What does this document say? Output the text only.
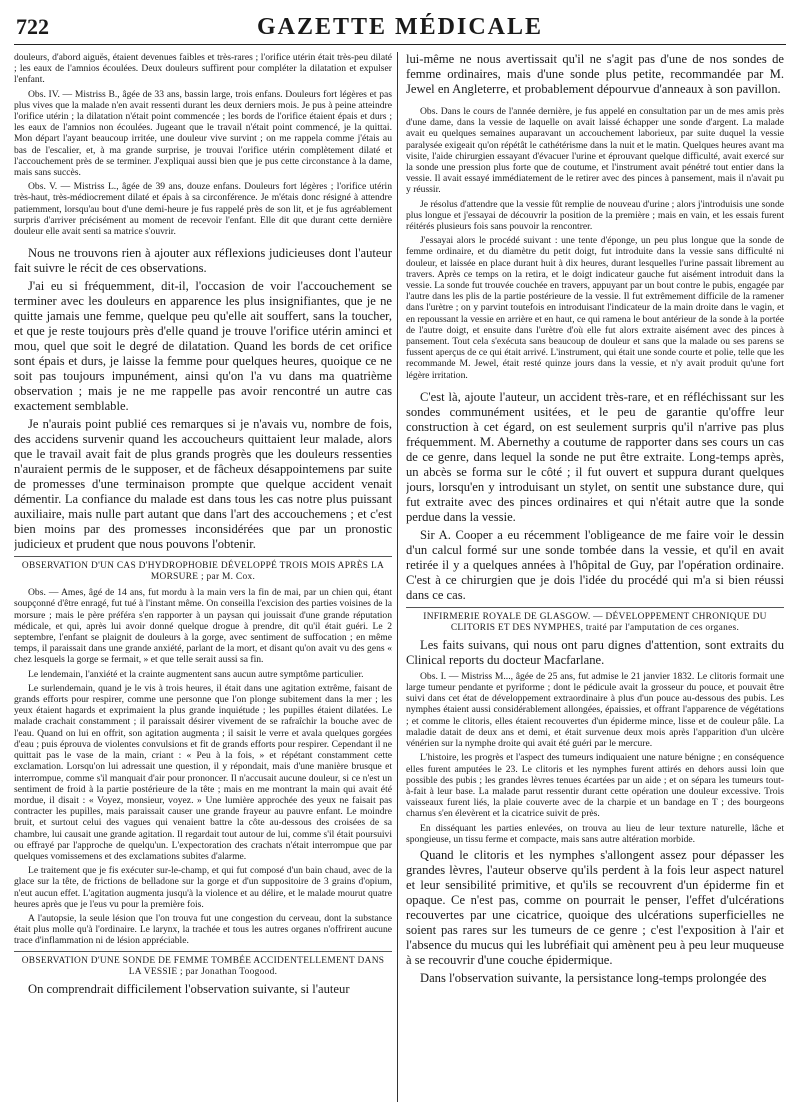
722	GAZETTE MÉDICALE

douleurs, d'abord aiguës, étaient devenues faibles et très-rares ; l'orifice utérin était très-peu dilaté ; les eaux de l'amnios écoulées. Deux douleurs suffirent pour compléter la dilatation et expulser l'enfant.

Obs. IV. — Mistriss B., âgée de 33 ans, bassin large, trois enfans. Douleurs fort légères et pas plus vives que la malade n'en avait ressenti durant les deux derniers mois. Je pus à peine atteindre l'orifice utérin ; la dilatation n'était point commencée ; les bords de l'orifice étaient épais et durs ; les eaux de l'amnios non écoulées. Jugeant que le travail n'était point commencé, je la quittai. Mon départ l'ayant beaucoup irritée, une douleur vive survint ; on me rappela comme j'étais au bas de l'escalier, et, à ma grande surprise, je trouvai l'orifice utérin complètement dilaté et l'accouchement près de se terminer. J'expliquai aussi bien que je pus cette circonstance à la dame, mais sans succès.

Obs. V. — Mistriss L., âgée de 39 ans, douze enfans. Douleurs fort légères ; l'orifice utérin très-haut, très-médiocrement dilaté et épais à sa circonférence. Je m'étais donc résigné à attendre patiemment, lorsqu'au bout d'une demi-heure je fus rappelé près de son lit, et je fus agréablement surpris d'arriver précisément au moment de recevoir l'enfant. Elle dit que durant cette dernière douleur elle avait senti sa matrice s'ouvrir.

Nous ne trouvons rien à ajouter aux réflexions judicieuses dont l'auteur fait suivre le récit de ces observations.

J'ai eu si fréquemment, dit-il, l'occasion de voir l'accouchement se terminer avec les douleurs en apparence les plus insignifiantes, que je ne quitte jamais une femme, quelque peu qu'elle ait souffert, sans la toucher, et que je reste toujours près d'elle quand je trouve l'orifice utérin aminci et mou, quel que soit le degré de dilatation. Quand les bords de cet orifice sont épais et durs, je laisse la femme pour quelques heures, quoique ce ne soit pas toujours impunément, ainsi qu'on l'a vu dans ma quatrième observation ; mais je ne me rappelle pas avoir rencontré un autre cas exactement semblable.

Je n'aurais point publié ces remarques si je n'avais vu, nombre de fois, des accidens survenir quand les accoucheurs quittaient leur malade, alors que le travail avait fait de plus grands progrès que les douleurs ressenties n'auraient permis de le supposer, et de fâcheux désappointemens par suite de promesses d'une terminaison prompte que quelque accident venait démentir. La confiance du malade est dans tous les cas notre plus puissant auxiliaire, mais nulle part autant que dans l'art des accouchemens ; et c'est bien moins par des promesses inconsidérées que par un pronostic judicieux et prudent que nous pouvons l'obtenir.

OBSERVATION D'UN CAS D'HYDROPHOBIE DÉVELOPPÉ TROIS MOIS APRÈS LA MORSURE ; par M. Cox.

Obs. — Ames, âgé de 14 ans, fut mordu à la main vers la fin de mai, par un chien qui, étant soupçonné d'être enragé, fut tué à l'instant même. On conseilla l'excision des parties voisines de la morsure ; mais le père préféra s'en rapporter à un paysan qui jouissait d'une grande réputation médicale, et qui, après lui avoir donné quelque drogue à prendre, dit qu'il était guéri. Le 2 septembre, l'enfant se plaignit de douleurs à la gorge, avec sentiment de suffocation ; en même temps, il paraissait dans une grande anxiété, parlant de la mort, et disant qu'on avait vu des gens « chez lesquels la gorge se fermait, » et que telle serait aussi sa fin.

Le lendemain, l'anxiété et la crainte augmentent sans aucun autre symptôme particulier.

Le surlendemain, quand je le vis à trois heures, il était dans une agitation extrême, faisant de grands efforts pour respirer, comme une personne que l'on plonge subitement dans la mer ; les yeux étaient hagards et exprimaient la plus grande inquiétude ; les pupilles étaient dilatées. Le malade crachait constamment ; il paraissait désirer vivement de se rafraîchir la bouche avec de l'eau. Quand on lui en offrit, son agitation augmenta ; il saisit le verre et avala quelques gorgées d'eau ; puis éprouva de violentes convulsions et fit de grands efforts pour respirer. Cependant il ne quittait pas le vase de la main, criant : « Peu à la fois, » et répétant constamment cette exclamation. Lorsqu'on lui adressait une question, il y répondait, mais d'une manière brusque et interrompue, comme s'il manquait d'air pour prononcer. Il n'accusait aucune douleur, si ce n'est un sentiment de froid à la partie postérieure de la tête ; mais en me montrant la main qui avait été mordue, il disait : « Voyez, monsieur, voyez. » Une lumière approchée des yeux ne faisait pas contracter les pupilles, mais paraissait causer une grande frayeur au pauvre enfant. Le moindre bruit, et surtout celui des vagues qui venaient battre la côte au-dessous des croisées de sa chambre, lui causait une grande agitation. Il regardait tout autour de lui, comme s'il était poursuivi ou effrayé par l'approche de quelqu'un. L'expectoration des crachats n'était interrompue que par quelques vomissemens et des exclamations subites d'alarme.

Le traitement que je fis exécuter sur-le-champ, et qui fut composé d'un bain chaud, avec de la glace sur la tête, de frictions de belladone sur la gorge et d'un suppositoire de 3 grains d'opium, n'eut aucun effet. L'agitation augmenta jusqu'à la violence et au délire, et le malade mourut quatre heures après que je l'eus vu pour la première fois.

A l'autopsie, la seule lésion que l'on trouva fut une congestion du cerveau, dont la substance était plus molle qu'à l'ordinaire. Le larynx, la trachée et tous les autres organes n'offrirent aucune trace d'inflammation ni de lésion appréciable.

OBSERVATION D'UNE SONDE DE FEMME TOMBÉE ACCIDENTELLEMENT DANS LA VESSIE ; par Jonathan Toogood.

On comprendrait difficilement l'observation suivante, si l'auteur

lui-même ne nous avertissait qu'il ne s'agit pas d'une de nos sondes de femme ordinaires, mais d'une sonde plus petite, recommandée par M. Jewel en Angleterre, et probablement dépourvue d'anneaux à son pavillon.

Obs. Dans le cours de l'année dernière, je fus appelé en consultation par un de mes amis près d'une dame, dans la vessie de laquelle on avait laissé échapper une sonde d'argent. La malade avait eu quelques semaines auparavant un accouchement laborieux, par suite duquel la vessie paralysée exigeait qu'on répétât le cathétérisme dans la nuit et le matin. Quelques heures avant ma visite, l'aide chirurgien essayant d'évacuer l'urine et éprouvant quelque difficulté, avait exercé sur la sonde une pression plus forte que de coutume, et l'instrument avait pénétré tout entier dans la vessie. Il avait essayé immédiatement de le retirer avec des pinces à pansement, mais il n'avait pu y réussir.

Je résolus d'attendre que la vessie fût remplie de nouveau d'urine ; alors j'introduisis une sonde plus longue et j'essayai de découvrir la position de la première ; mais en vain, et les essais furent réitérés plusieurs fois sans pouvoir la rencontrer.

J'essayai alors le procédé suivant : une tente d'éponge, un peu plus longue que la sonde de femme ordinaire, et du diamètre du petit doigt, fut introduite dans la vessie sans difficulté ni douleur, et laissée en place durant huit à dix heures, durant lesquelles l'urine passait librement au travers. Après ce temps on la retira, et le doigt indicateur gauche fut aisément introduit dans la vessie. La sonde fut trouvée couchée en travers, appuyant par un bout contre le pubis, engagée par l'autre dans les plis de la partie postérieure de la vessie. Il fut extrêmement difficile de la ramener dans l'urètre ; on y parvint toutefois en introduisant l'indicateur de la main droite dans le vagin, et en repoussant la vessie en arrière et en haut, ce qui ramena le bout antérieur de la sonde à la portée de l'autre doigt, et ensuite dans l'urètre d'où elle fut alors extraite aisément avec des pinces à pansement. Tout cela s'exécuta sans beaucoup de douleur et sans que la malade ou ses parens se fussent aperçus de ce qui était arrivé. L'instrument, qui était une sonde courte et polie, telle que les recommande M. Jewel, était resté quinze jours dans la vessie, et n'y avait produit qu'une fort légère irritation.

C'est là, ajoute l'auteur, un accident très-rare, et en réfléchissant sur les sondes communément usitées, et le peu de garantie qu'offre leur construction à cet égard, on est seulement surpris qu'il n'arrive pas plus fréquemment. M. Abernethy a coutume de rapporter dans ses cours un cas de ce genre, dans lequel la sonde ne put être extraite. Long-temps après, un abcès se forma sur le côté ; il fut ouvert et suppura durant quelques jours, lorsqu'en y introduisant un stylet, on sentit une substance dure, qui fut extraite avec des pinces ordinaires et qui n'était autre que la sonde perdue dans la vessie.

Sir A. Cooper a eu récemment l'obligeance de me faire voir le dessin d'un calcul formé sur une sonde tombée dans la vessie, et qu'il en avait retirée il y a quelques années à l'hôpital de Guy, par l'opération ordinaire. C'est à ce chirurgien que je dois l'idée du procédé qui m'a si bien réussi dans ce cas.

INFIRMERIE ROYALE DE GLASGOW. — DÉVELOPPEMENT CHRONIQUE DU CLITORIS ET DES NYMPHES, traité par l'amputation de ces organes.

Les faits suivans, qui nous ont paru dignes d'attention, sont extraits du Clinical reports du docteur Macfarlane.

Obs. I. — Mistriss M..., âgée de 25 ans, fut admise le 21 janvier 1832. Le clitoris formait une large tumeur pendante et pyriforme ; dont le pédicule avait la grosseur du pouce, et pouvait être suivi dans cet état de développement extraordinaire à plus d'un pouce au-dessous des pubis. Les nymphes étaient aussi considérablement allongées, épaissies, et offrant l'apparence de végétations ; et comme le clitoris, elles étaient recouvertes d'un épiderme mince, lisse et de couleur pâle. La maladie datait de deux ans et demi, et était survenue deux mois après l'apparition d'un ulcère vénérien sur la nymphe droite qui avait été guéri par le mercure.

L'histoire, les progrès et l'aspect des tumeurs indiquaient une nature bénigne ; en conséquence elles furent amputées le 23. Le clitoris et les nymphes furent attirés en dehors aussi loin que possible des pubis ; les grandes lèvres tenues écartées par un aide ; et on sépara les tumeurs tout-à-fait à leur base. La malade parut ressentir durant cette opération une douleur excessive. Trois vaisseaux furent liés, la plaie couverte avec de la charpie et un bandage en T ; des bourgeons charnus s'en élevèrent et la cicatrice suivit de près.

En disséquant les parties enlevées, on trouva au lieu de leur texture naturelle, lâche et spongieuse, un tissu ferme et compacte, mais sans autre altération morbide.

Quand le clitoris et les nymphes s'allongent assez pour dépasser les grandes lèvres, l'auteur observe qu'ils perdent à la fois leur aspect naturel et leur sensibilité primitive, et qu'ils se recouvrent d'un épiderme fin et opaque. Ce n'est pas, comme on pourrait le penser, l'effet d'ulcérations recouvertes par une cicatrice, quoique des ulcérations superficielles ne soient pas rares sur les tumeurs de ce genre ; c'est l'exposition à l'air et l'absence du mucus qui les lubréfiait qui amènent peu à peu leur muqueuse à se recouvrir d'une couche épidermique.

Dans l'observation suivante, la persistance long-temps prolongée des
